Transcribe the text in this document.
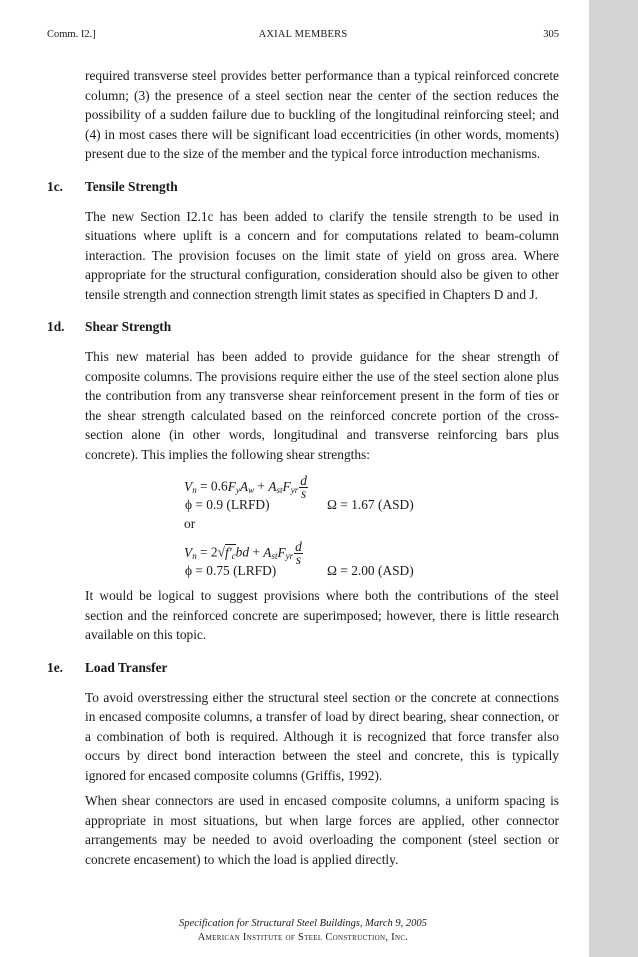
Comm. I2.]	AXIAL MEMBERS	305

required transverse steel provides better performance than a typical reinforced concrete column; (3) the presence of a steel section near the center of the section reduces the possibility of a sudden failure due to buckling of the longitudinal reinforcing steel; and (4) in most cases there will be significant load eccentricities (in other words, moments) present due to the size of the member and the typical force introduction mechanisms.

1c. Tensile Strength

The new Section I2.1c has been added to clarify the tensile strength to be used in situations where uplift is a concern and for computations related to beam-column interaction. The provision focuses on the limit state of yield on gross area. Where appropriate for the structural configuration, consideration should also be given to other tensile strength and connection strength limit states as specified in Chapters D and J.

1d. Shear Strength

This new material has been added to provide guidance for the shear strength of composite columns. The provisions require either the use of the steel section alone plus the contribution from any transverse shear reinforcement present in the form of ties or the shear strength calculated based on the reinforced concrete portion of the cross-section alone (in other words, longitudinal and transverse reinforcing bars plus concrete). This implies the following shear strengths:

$V_n = 0.6F_yA_w + A_{st}F_{yr} \frac{d}{s}$
ϕ = 0.9 (LRFD)	Ω = 1.67 (ASD)
or
$V_n = 2√f'_cbd + A_{st}F_{yr} \frac{d}{s}$
ϕ = 0.75 (LRFD)	Ω = 2.00 (ASD)

It would be logical to suggest provisions where both the contributions of the steel section and the reinforced concrete are superimposed; however, there is little research available on this topic.

1e. Load Transfer

To avoid overstressing either the structural steel section or the concrete at connections in encased composite columns, a transfer of load by direct bearing, shear connection, or a combination of both is required. Although it is recognized that force transfer also occurs by direct bond interaction between the steel and concrete, this is typically ignored for encased composite columns (Griffis, 1992).

When shear connectors are used in encased composite columns, a uniform spacing is appropriate in most situations, but when large forces are applied, other connector arrangements may be needed to avoid overloading the component (steel section or concrete encasement) to which the load is applied directly.

Specification for Structural Steel Buildings, March 9, 2005
American Institute of Steel Construction, Inc.
